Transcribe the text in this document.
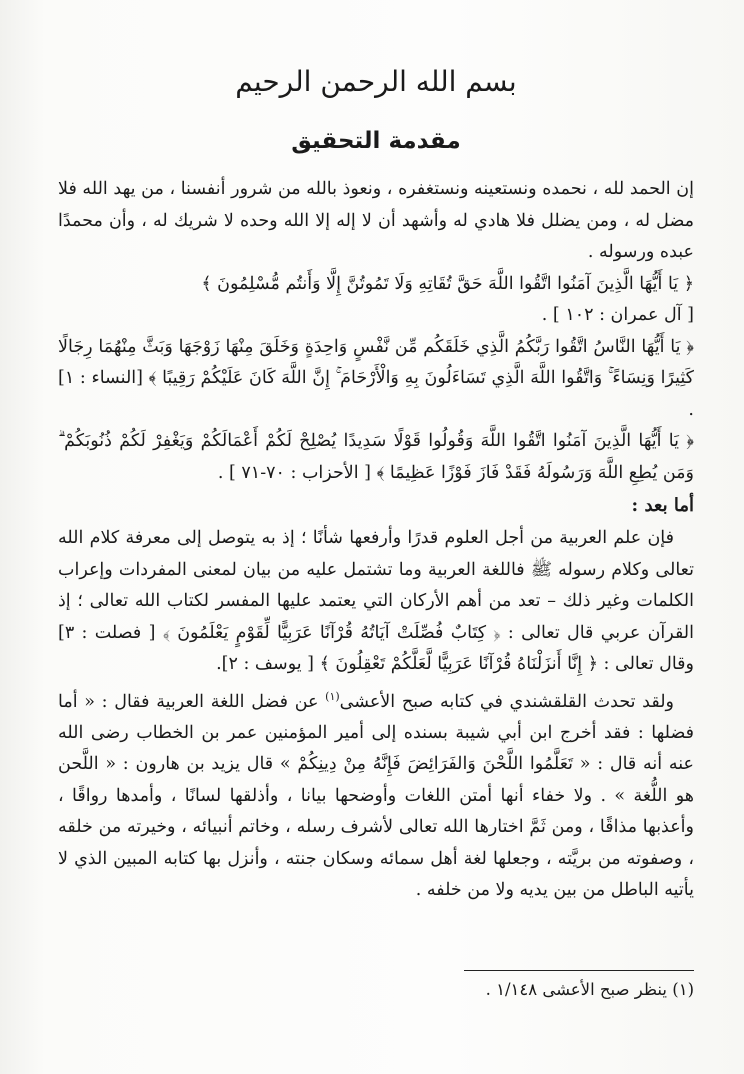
بسم الله الرحمن الرحيم
مقدمة التحقيق

إن الحمد لله ، نحمده ونستعينه ونستغفره ، ونعوذ بالله من شرور أنفسنا ، من يهد الله فلا مضل له ، ومن يضلل فلا هادي له وأشهد أن لا إله إلا الله وحده لا شريك له ، وأن محمدًا عبده ورسوله .

﴿ يَا أَيُّهَا الَّذِينَ آمَنُوا اتَّقُوا اللَّهَ حَقَّ تُقَاتِهِ وَلَا تَمُوتُنَّ إِلَّا وَأَنتُم مُّسْلِمُونَ ﴾

[ آل عمران : ١٠٢ ] .

﴿ يَا أَيُّهَا النَّاسُ اتَّقُوا رَبَّكُمُ الَّذِي خَلَقَكُم مِّن نَّفْسٍ وَاحِدَةٍ وَخَلَقَ مِنْهَا زَوْجَهَا وَبَثَّ مِنْهُمَا رِجَالًا كَثِيرًا وَنِسَاءً ۚ وَاتَّقُوا اللَّهَ الَّذِي تَسَاءَلُونَ بِهِ وَالْأَرْحَامَ ۚ إِنَّ اللَّهَ كَانَ عَلَيْكُمْ رَقِيبًا ﴾ [النساء : ١] .

﴿ يَا أَيُّهَا الَّذِينَ آمَنُوا اتَّقُوا اللَّهَ وَقُولُوا قَوْلًا سَدِيدًا يُصْلِحْ لَكُمْ أَعْمَالَكُمْ وَيَغْفِرْ لَكُمْ ذُنُوبَكُمْ ۗ وَمَن يُطِعِ اللَّهَ وَرَسُولَهُ فَقَدْ فَازَ فَوْزًا عَظِيمًا ﴾ [ الأحزاب : ٧٠-٧١ ] .

أما بعد :

فإن علم العربية من أجل العلوم قدرًا وأرفعها شأنًا ؛ إذ به يتوصل إلى معرفة كلام الله تعالى وكلام رسوله ﷺ فاللغة العربية وما تشتمل عليه من بيان لمعنى المفردات وإعراب الكلمات وغير ذلك – تعد من أهم الأركان التي يعتمد عليها المفسر لكتاب الله تعالى ؛ إذ القرآن عربي قال تعالى : ﴿ كِتَابٌ فُصِّلَتْ آيَاتُهُ قُرْآنًا عَرَبِيًّا لِّقَوْمٍ يَعْلَمُونَ ﴾ [ فصلت : ٣] وقال تعالى : ﴿ إِنَّا أَنزَلْنَاهُ قُرْآنًا عَرَبِيًّا لَّعَلَّكُمْ تَعْقِلُونَ ﴾ [ يوسف : ٢].

ولقد تحدث القلقشندي في كتابه صبح الأعشى$^{(١)}$ عن فضل اللغة العربية فقال : « أما فضلها : فقد أخرج ابن أبي شيبة بسنده إلى أمير المؤمنين عمر بن الخطاب رضى الله عنه أنه قال : « تَعَلَّمُوا اللَّحْنَ وَالفَرَائِضَ فَإِنَّهُ مِنْ دِينِكُمْ » قال يزيد بن هارون : « اللَّحن هو اللُّغة » . ولا خفاء أنها أمتن اللغات وأوضحها بيانا ، وأذلقها لسانًا ، وأمدها رواقًا ، وأعذبها مذاقًا ، ومن ثَمَّ اختارها الله تعالى لأشرف رسله ، وخاتم أنبيائه ، وخيرته من خلقه ، وصفوته من بريَّته ، وجعلها لغة أهل سمائه وسكان جنته ، وأنزل بها كتابه المبين الذي لا يأتيه الباطل من بين يديه ولا من خلفه .

(١) ينظر صبح الأعشى ١/١٤٨ .
